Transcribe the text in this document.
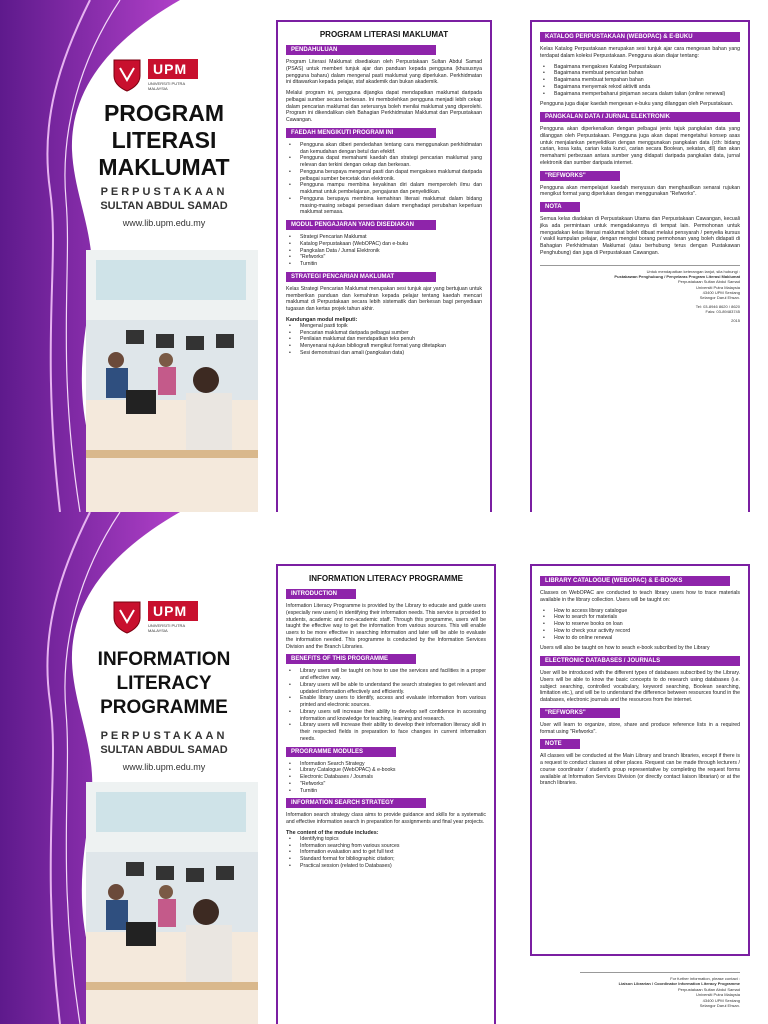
UPM
UNIVERSITI PUTRA MALAYSIA
PROGRAM
LITERASI
MAKLUMAT
PERPUSTAKAAN
SULTAN ABDUL SAMAD
www.lib.upm.edu.my
PROGRAM LITERASI MAKLUMAT
PENDAHULUAN

Program Literasi Maklumat disediakan oleh Perpustakaan Sultan Abdul Samad (PSAS) untuk memberi tunjuk ajar dan panduan kepada pengguna (khususnya pengguna baharu) dalam mengenal pasti maklumat yang diperlukan. Perkhidmatan ini ditawarkan kepada pelajar, staf akademik dan bukan akademik.

Melalui program ini, pengguna dijangka dapat mendapatkan maklumat daripada pelbagai sumber secara berkesan. Ini membolehkan pengguna menjadi lebih cekap dalam pencarian maklumat dan seterusnya boleh menilai maklumat yang diperolehi. Program ini dikendalikan oleh Bahagian Perkhidmatan Maklumat dan Perpustakaan Cawangan.

FAEDAH MENGIKUTI PROGRAM INI
• Pengguna akan diberi pendedahan tentang cara menggunakan perkhidmatan dan kemudahan dengan betul dan efektif.
• Pengguna dapat memahami kaedah dan strategi pencarian maklumat yang relevan dan terkini dengan cekap dan berkesan.
• Pengguna berupaya mengenal pasti dan dapat mengakses maklumat daripada pelbagai sumber bercetak dan elektronik.
• Pengguna mampu membina keyakinan diri dalam memperoleh ilmu dan maklumat untuk pembelajaran, pengajaran dan penyelidikan.
• Pengguna berupaya membina kemahiran literasi maklumat dalam bidang masing-masing sebagai persediaan dalam menghadapi perubahan keperluan maklumat semasa.
MODUL PENGAJARAN YANG DISEDIAKAN
• Strategi Pencarian Maklumat
• Katalog Perpustakaan (WebOPAC) dan e-buku
• Pangkalan Data / Jurnal Elektronik
• "Refworks"
• Turnitin
STRATEGI PENCARIAN MAKLUMAT

Kelas Strategi Pencarian Maklumat merupakan sesi tunjuk ajar yang bertujuan untuk memberikan panduan dan kemahiran kepada pelajar tentang kaedah mencari maklumat di Perpustakaan secara lebih sistematik dan berkesan bagi penyediaan tugasan dan kertas projek tahun akhir.

Kandungan modul meliputi:
• Mengenal pasti topik
• Pencarian maklumat daripada pelbagai sumber
• Penilaian maklumat dan mendapatkan teks penuh
• Menyenarai rujukan bibliografi mengikut format yang ditetapkan
• Sesi demonstrasi dan amali (pangkalan data)
KATALOG PERPUSTAKAAN (WEBOPAC) & E-BUKU

Kelas Katalog Perpustakaan merupakan sesi tunjuk ajar cara mengesan bahan yang terdapat dalam koleksi Perpustakaan. Pengguna akan diajar tentang:

• Bagaimana mengakses Katalog Perpustakaan
• Bagaimana membuat pencarian bahan
• Bagaimana membuat tempahan bahan
• Bagaimana menyemak rekod aktiviti anda
• Bagaimana memperbaharui pinjaman secara dalam talian (online renewal)

Pengguna juga diajar kaedah mengesan e-buku yang dilanggan oleh Perpustakaan.

PANGKALAN DATA / JURNAL ELEKTRONIK

Pengguna akan diperkenalkan dengan pelbagai jenis tajuk pangkalan data yang dilanggan oleh Perpustakaan. Pengguna juga akan dapat mengetahui konsep asas untuk menjalankan penyelidikan dengan menggunakan pangkalan data (cth: bidang carian, kosa kata, carian kata kunci, carian secara Boolean, sekatan, dll) dan akan memahami perbezaan antara sumber yang didapati daripada pangkalan data, jurnal elektronik dan sumber daripada internet.

"REFWORKS"

Pengguna akan mempelajari kaedah menyusun dan menghasilkan senarai rujukan mengikut format yang diperlukan dengan menggunakan "Refworks".

NOTA

Semua kelas diadakan di Perpustakaan Utama dan Perpustakaan Cawangan, kecuali jika ada permintaan untuk mengadakannya di tempat lain. Permohonan untuk mengadakan kelas literasi maklumat boleh dibuat melalui pensyarah / penyelia kursus / wakil kumpulan pelajar, dengan mengisi borang permohonan yang boleh didapati di Bahagian Perkhidmatan Maklumat (atau berhubung terus dengan Pustakawan Penghubung) dan juga di Perpustakaan Cawangan.

Untuk mendapatkan keterangan lanjut, sila hubungi :
Pustakawan Penghubung / Penyelaras Program Literasi Maklumat
Perpustakaan Sultan Abdul Samad
Universiti Putra Malaysia
43400 UPM Serdang
Selangor Darul Ehsan.
Tel: 03-8946 8620 / 8620
Faks: 03-89483745
2015
UPM
UNIVERSITI PUTRA MALAYSIA
INFORMATION
LITERACY
PROGRAMME
PERPUSTAKAAN
SULTAN ABDUL SAMAD
www.lib.upm.edu.my
INFORMATION LITERACY PROGRAMME
INTRODUCTION

Information Literacy Programme is provided by the Library to educate and guide users (especially new users) in identifying their information needs. This service is provided to students, academic and non-academic staff. Through this programme, users will be taught the effective way to get the information from various sources. This will enable users to be more effective in searching information and later will be able to evaluate the information needed. This programme is conducted by the Information Services Division and the Branch Libraries.

BENEFITS OF THIS PROGRAMME
• Library users will be taught on how to use the services and facilities in a proper and effective way.
• Library users will be able to understand the search strategies to get relevant and updated information effectively and efficiently.
• Enable library users to identify, access and evaluate information from various printed and electronic sources.
• Library users will increase their ability to develop self confidence in accessing information and knowledge for teaching, learning and research.
• Library users will increase their ability to develop their information literacy skill in their respected fields in preparation to face changes in current information needs.
PROGRAMME MODULES
• Information Search Strategy
• Library Catalogue (WebOPAC) & e-books
• Electronic Databases / Journals
• "Refworks"
• Turnitin
INFORMATION SEARCH STRATEGY

Information search strategy class aims to provide guidance and skills for a systematic and effective information search in preparation for assignments and final year projects.

The content of the module includes:
• Identifying topics
• Information searching from various sources
• Information evaluation and to get full text
• Standard format for bibliographic citation;
• Practical session (related to Databases)
LIBRARY CATALOGUE (WEBOPAC) & E-BOOKS

Classes on WebOPAC are conducted to teach library users how to trace materials available in the library collection. Users will be taught on:

• How to access library catalogue
• How to search for materials
• How to reserve books on loan
• How to check your activity record
• How to do online renewal

Users will also be taught on how to seach e-book subcribed by the Library

ELECTRONIC DATABASES / JOURNALS

User will be introduced with the different types of databases subscribed by the Library. Users will be able to know the basic concepts to do research using databases (i.e. subject searching, controlled vocabulary, keyword searching, Boolean searching, limitation etc.), and will be to understand the difference between resources found in the databases, electronic journals and the resources from the internet.

"REFWORKS"

User will learn to organize, store, share and produce reference lists in a required format using "Refworks".

NOTE

All classes will be conducted at the Main Library and branch libraries, except if there is a request to conduct classes at other places. Request can be made through lecturers / course coordinator / student's group representative by completing the request forms available at Information Services Division (or directly contact liaison librarian) or at the branch libraries.

For further information, please contact :
Liaison Librarian / Coordinator Information Literacy Programme
Perpustakaan Sultan Abdul Samad
Universiti Putra Malaysia
43400 UPM Serdang
Selangor Darul Ehsan.
